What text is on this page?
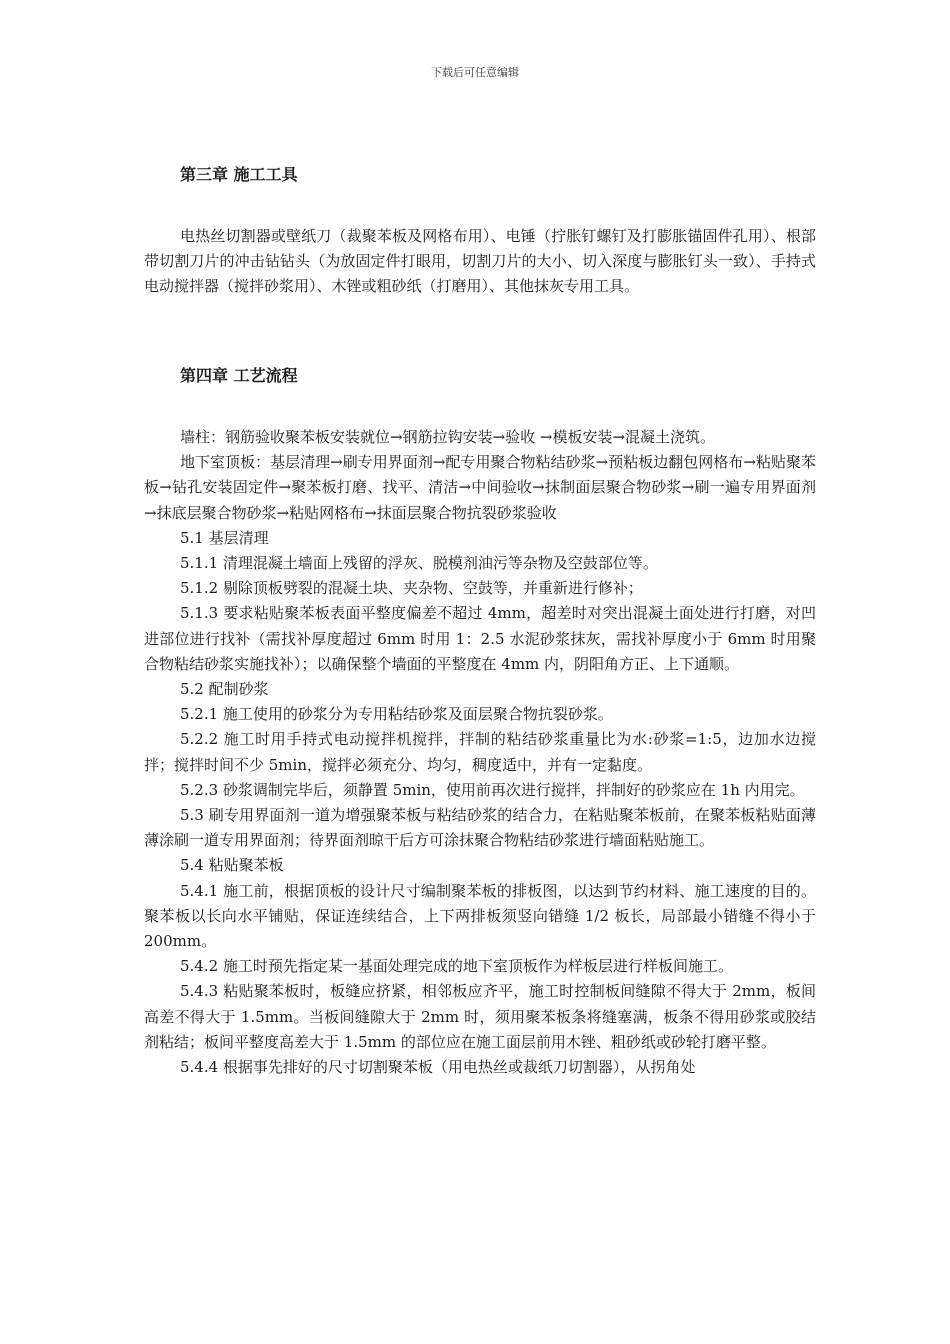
下载后可任意编辑
第三章 施工工具

电热丝切割器或壁纸刀（裁聚苯板及网格布用）、电锤（拧胀钉螺钉及打膨胀锚固件孔用）、根部带切割刀片的冲击钻钻头（为放固定件打眼用，切割刀片的大小、切入深度与膨胀钉头一致）、手持式电动搅拌器（搅拌砂浆用）、木锉或粗砂纸（打磨用）、其他抹灰专用工具。

第四章 工艺流程

墙柱：钢筋验收聚苯板安装就位→钢筋拉钩安装→验收 →模板安装→混凝土浇筑。

地下室顶板：基层清理→刷专用界面剂→配专用聚合物粘结砂浆→预粘板边翻包网格布→粘贴聚苯板→钻孔安装固定件→聚苯板打磨、找平、清洁→中间验收→抹制面层聚合物砂浆→刷一遍专用界面剂→抹底层聚合物砂浆→粘贴网格布→抹面层聚合物抗裂砂浆验收

5.1 基层清理

5.1.1 清理混凝土墙面上残留的浮灰、脱模剂油污等杂物及空鼓部位等。

5.1.2 剔除顶板劈裂的混凝土块、夹杂物、空鼓等，并重新进行修补；

5.1.3 要求粘贴聚苯板表面平整度偏差不超过 4mm，超差时对突出混凝土面处进行打磨，对凹进部位进行找补（需找补厚度超过 6mm 时用 1：2.5 水泥砂浆抹灰，需找补厚度小于 6mm 时用聚合物粘结砂浆实施找补）；以确保整个墙面的平整度在 4mm 内，阴阳角方正、上下通顺。

5.2 配制砂浆

5.2.1 施工使用的砂浆分为专用粘结砂浆及面层聚合物抗裂砂浆。

5.2.2 施工时用手持式电动搅拌机搅拌，拌制的粘结砂浆重量比为水:砂浆=1:5，边加水边搅拌；搅拌时间不少 5min，搅拌必须充分、均匀，稠度适中，并有一定黏度。

5.2.3 砂浆调制完毕后，须静置 5min，使用前再次进行搅拌，拌制好的砂浆应在 1h 内用完。

5.3 刷专用界面剂一道为增强聚苯板与粘结砂浆的结合力，在粘贴聚苯板前，在聚苯板粘贴面薄薄涂刷一道专用界面剂；待界面剂晾干后方可涂抹聚合物粘结砂浆进行墙面粘贴施工。

5.4 粘贴聚苯板

5.4.1 施工前，根据顶板的设计尺寸编制聚苯板的排板图，以达到节约材料、施工速度的目的。聚苯板以长向水平铺贴，保证连续结合，上下两排板须竖向错缝 1/2 板长，局部最小错缝不得小于 200mm。

5.4.2 施工时预先指定某一基面处理完成的地下室顶板作为样板层进行样板间施工。

5.4.3 粘贴聚苯板时，板缝应挤紧，相邻板应齐平，施工时控制板间缝隙不得大于 2mm，板间高差不得大于 1.5mm。当板间缝隙大于 2mm 时，须用聚苯板条将缝塞满，板条不得用砂浆或胶结剂粘结；板间平整度高差大于 1.5mm 的部位应在施工面层前用木锉、粗砂纸或砂轮打磨平整。

5.4.4 根据事先排好的尺寸切割聚苯板（用电热丝或裁纸刀切割器），从拐角处
